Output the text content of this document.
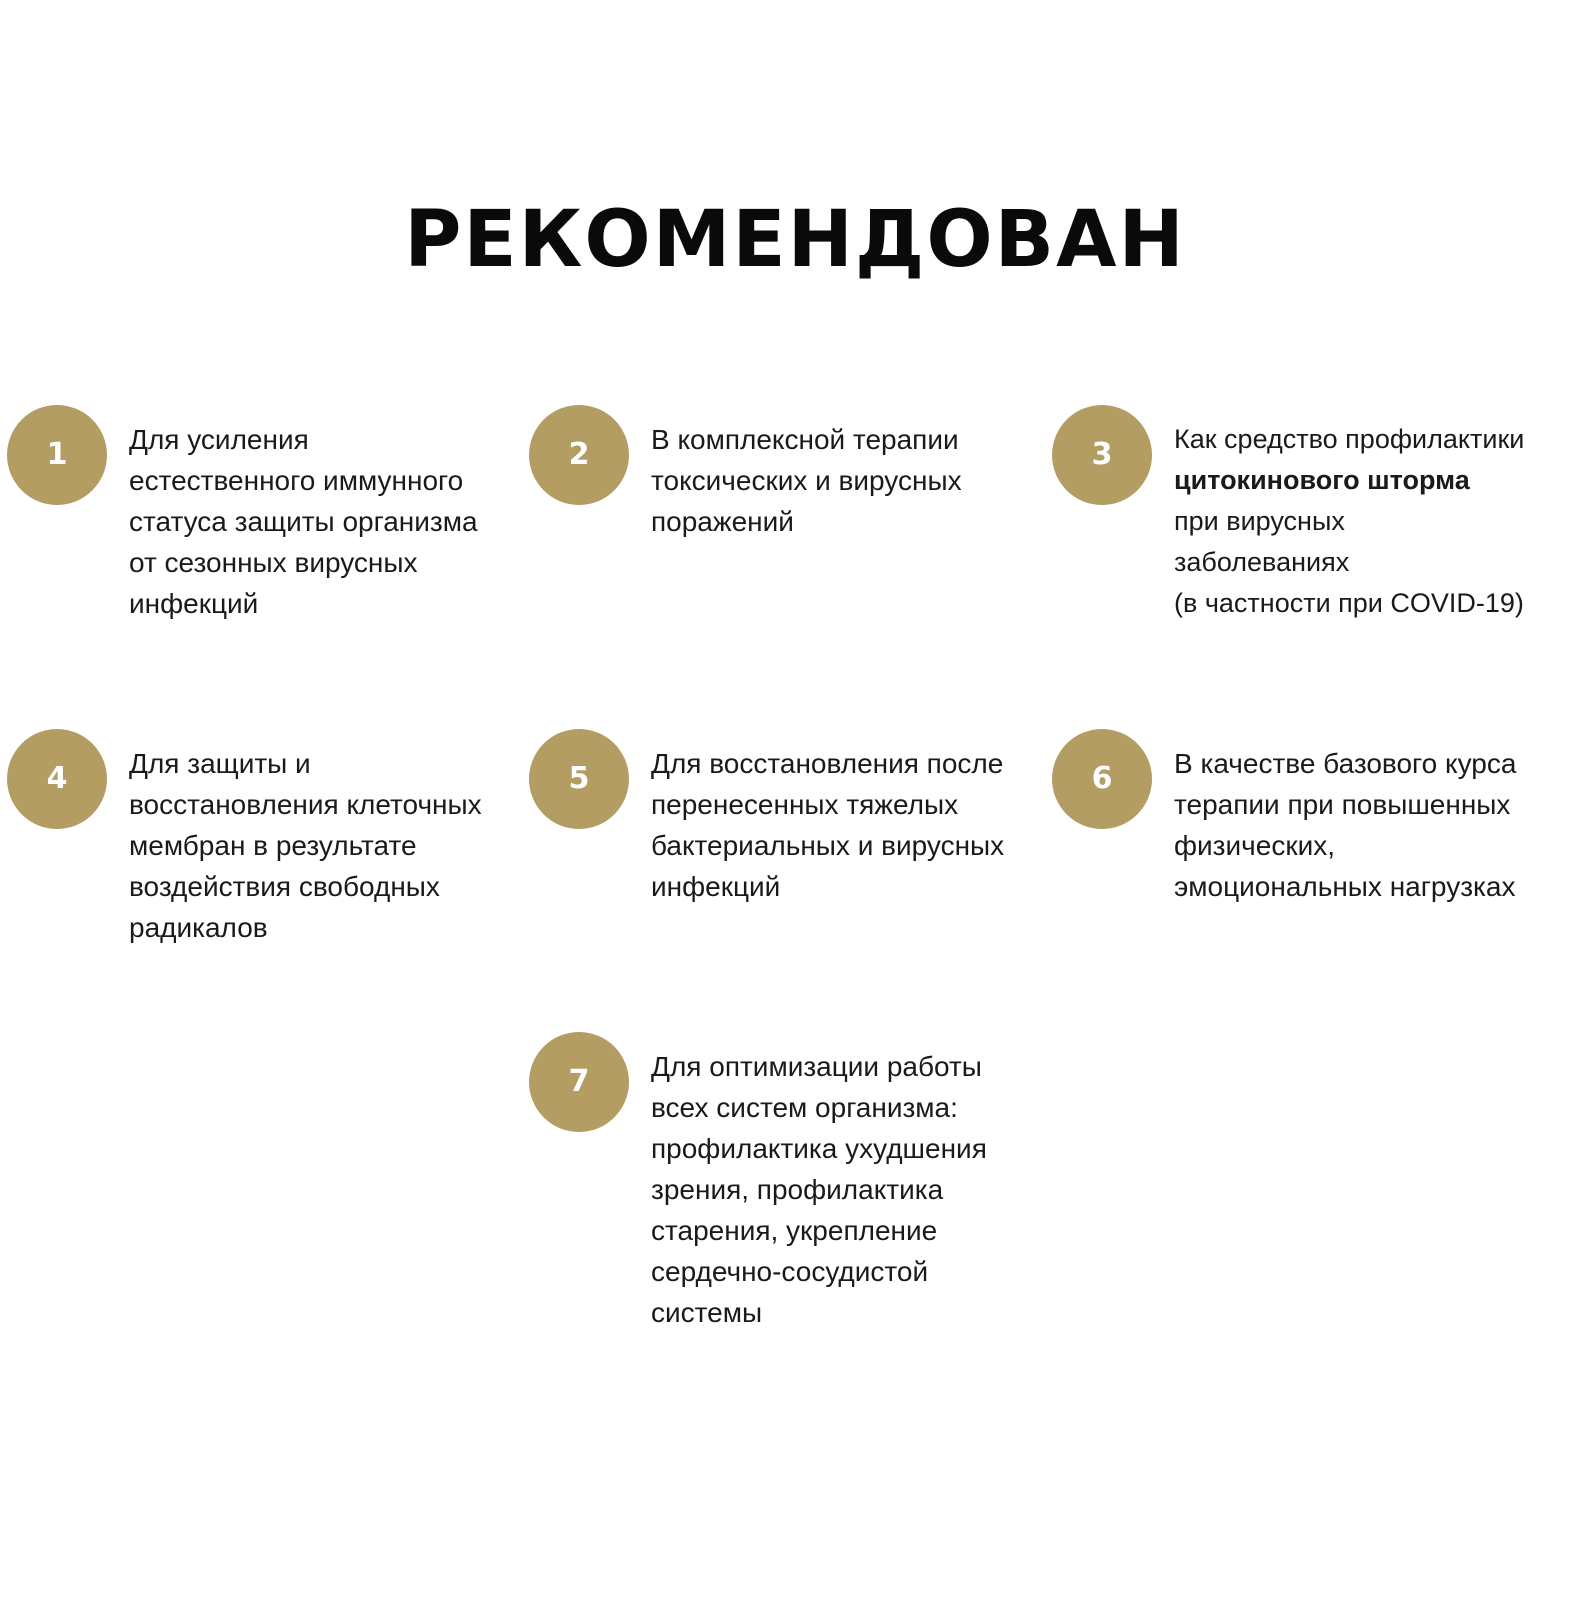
РЕКОМЕНДОВАН
1	Для усиления
естественного иммунного
статуса защиты организма
от сезонных вирусных
инфекций
2	В комплексной терапии
токсических и вирусных
поражений
3	Как средство профилактики
цитокинового шторма
при вирусных
заболеваниях
(в частности при COVID-19)
4	Для защиты и
восстановления клеточных
мембран в результате
воздействия свободных
радикалов
5	Для восстановления после
перенесенных тяжелых
бактериальных и вирусных
инфекций
6	В качестве базового курса
терапии при повышенных
физических,
эмоциональных нагрузках
7	Для оптимизации работы
всех систем организма:
профилактика ухудшения
зрения, профилактика
старения, укрепление
сердечно-сосудистой
системы
